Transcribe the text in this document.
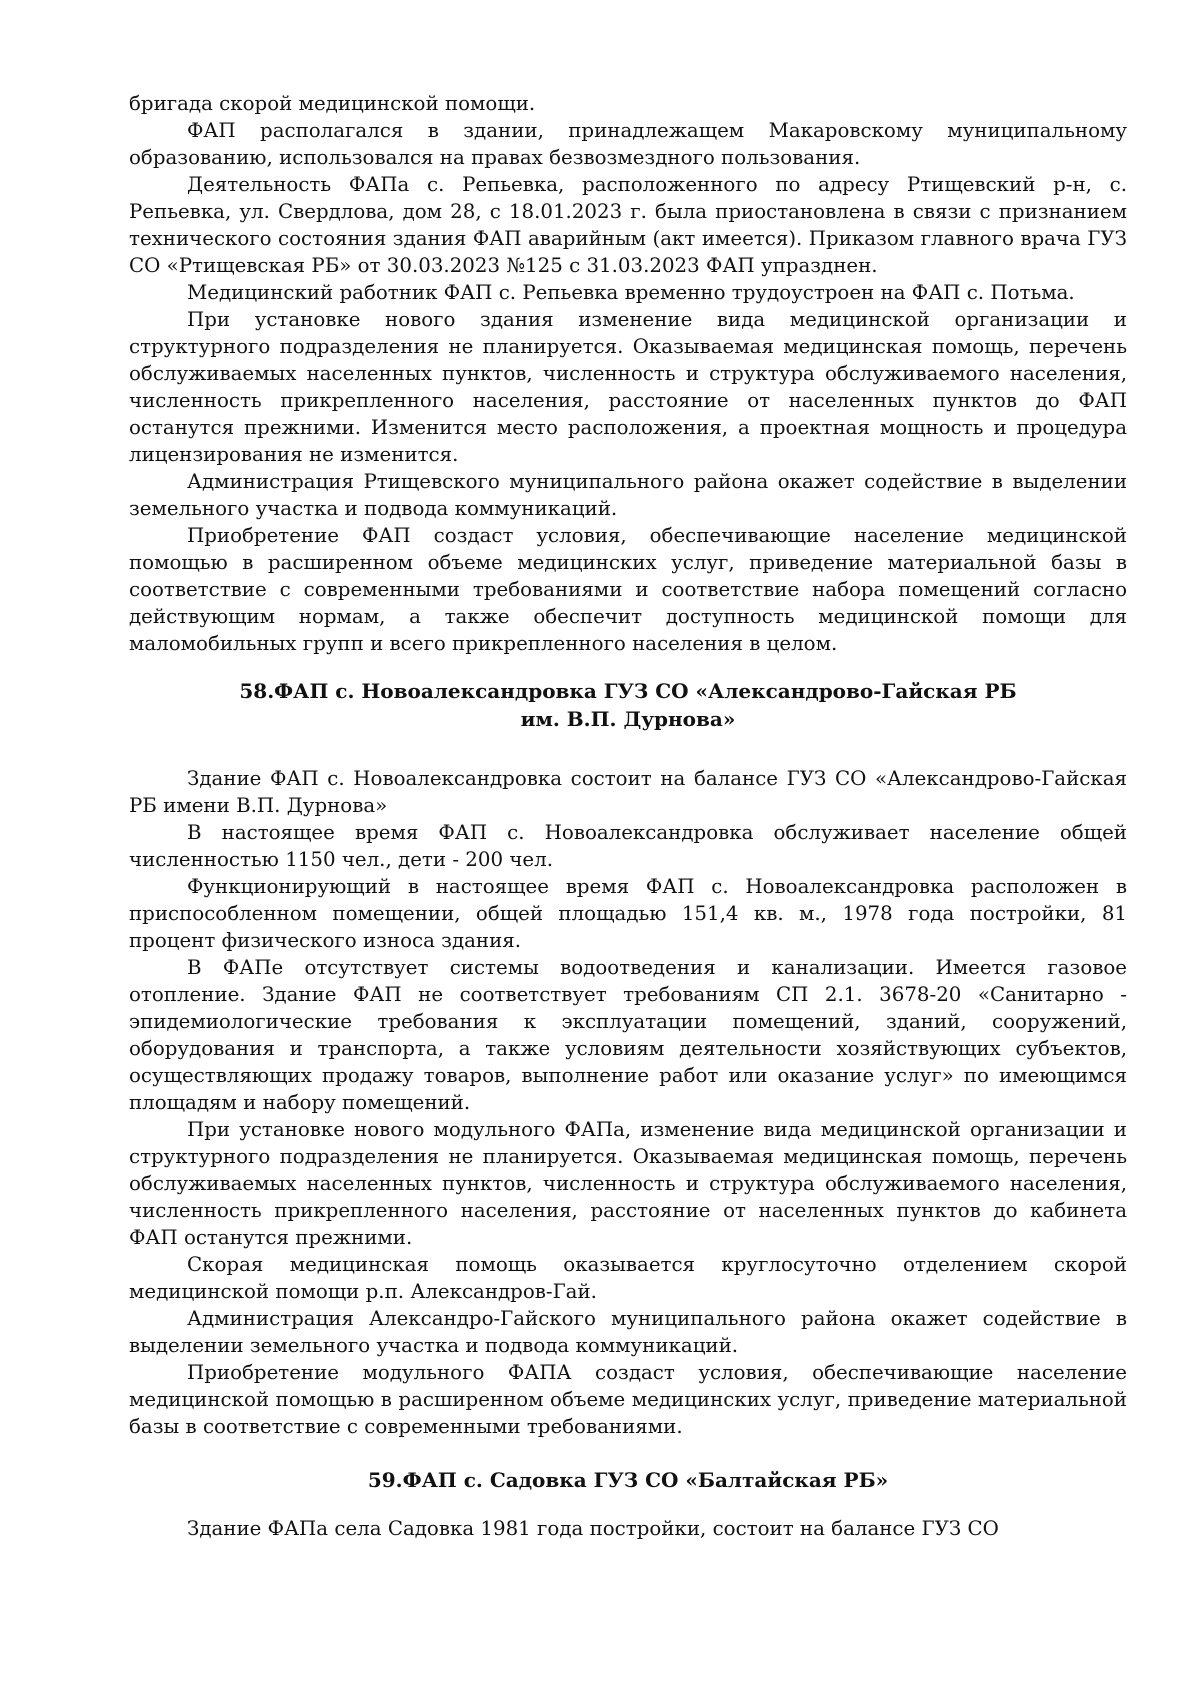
бригада скорой медицинской помощи.

ФАП располагался в здании, принадлежащем Макаровскому муниципальному образованию, использовался на правах безвозмездного пользования.

Деятельность ФАПа с. Репьевка, расположенного по адресу Ртищевский р-н, с. Репьевка, ул. Свердлова, дом 28, с 18.01.2023 г. была приостановлена в связи с признанием технического состояния здания ФАП аварийным (акт имеется). Приказом главного врача ГУЗ СО «Ртищевская РБ» от 30.03.2023 №125 с 31.03.2023 ФАП упразднен.

Медицинский работник ФАП с. Репьевка временно трудоустроен на ФАП с. Потьма.

При установке нового здания изменение вида медицинской организации и структурного подразделения не планируется. Оказываемая медицинская помощь, перечень обслуживаемых населенных пунктов, численность и структура обслуживаемого населения, численность прикрепленного населения, расстояние от населенных пунктов до ФАП останутся прежними. Изменится место расположения, а проектная мощность и процедура лицензирования не изменится.

Администрация Ртищевского муниципального района окажет содействие в выделении земельного участка и подвода коммуникаций.

Приобретение ФАП создаст условия, обеспечивающие население медицинской помощью в расширенном объеме медицинских услуг, приведение материальной базы в соответствие с современными требованиями и соответствие набора помещений согласно действующим нормам, а также обеспечит доступность медицинской помощи для маломобильных групп и всего прикрепленного населения в целом.

58.ФАП с. Новоалександровка ГУЗ СО «Александрово-Гайская РБ
им. В.П. Дурнова»

Здание ФАП с. Новоалександровка состоит на балансе ГУЗ СО «Александрово-Гайская РБ имени В.П. Дурнова»

В настоящее время ФАП с. Новоалександровка обслуживает население общей численностью 1150 чел., дети - 200 чел.

Функционирующий в настоящее время ФАП с. Новоалександровка расположен в приспособленном помещении, общей площадью 151,4 кв. м., 1978 года постройки, 81 процент физического износа здания.

В ФАПе отсутствует системы водоотведения и канализации. Имеется газовое отопление. Здание ФАП не соответствует требованиям СП 2.1. 3678-20 «Санитарно - эпидемиологические требования к эксплуатации помещений, зданий, сооружений, оборудования и транспорта, а также условиям деятельности хозяйствующих субъектов, осуществляющих продажу товаров, выполнение работ или оказание услуг» по имеющимся площадям и набору помещений.

При установке нового модульного ФАПа, изменение вида медицинской организации и структурного подразделения не планируется. Оказываемая медицинская помощь, перечень обслуживаемых населенных пунктов, численность и структура обслуживаемого населения, численность прикрепленного населения, расстояние от населенных пунктов до кабинета ФАП останутся прежними.

Скорая медицинская помощь оказывается круглосуточно отделением скорой медицинской помощи р.п. Александров-Гай.

Администрация Александро-Гайского муниципального района окажет содействие в выделении земельного участка и подвода коммуникаций.

Приобретение модульного ФАПА создаст условия, обеспечивающие население медицинской помощью в расширенном объеме медицинских услуг, приведение материальной базы в соответствие с современными требованиями.

59.ФАП с. Садовка ГУЗ СО «Балтайская РБ»

Здание ФАПа села Садовка 1981 года постройки, состоит на балансе ГУЗ СО
